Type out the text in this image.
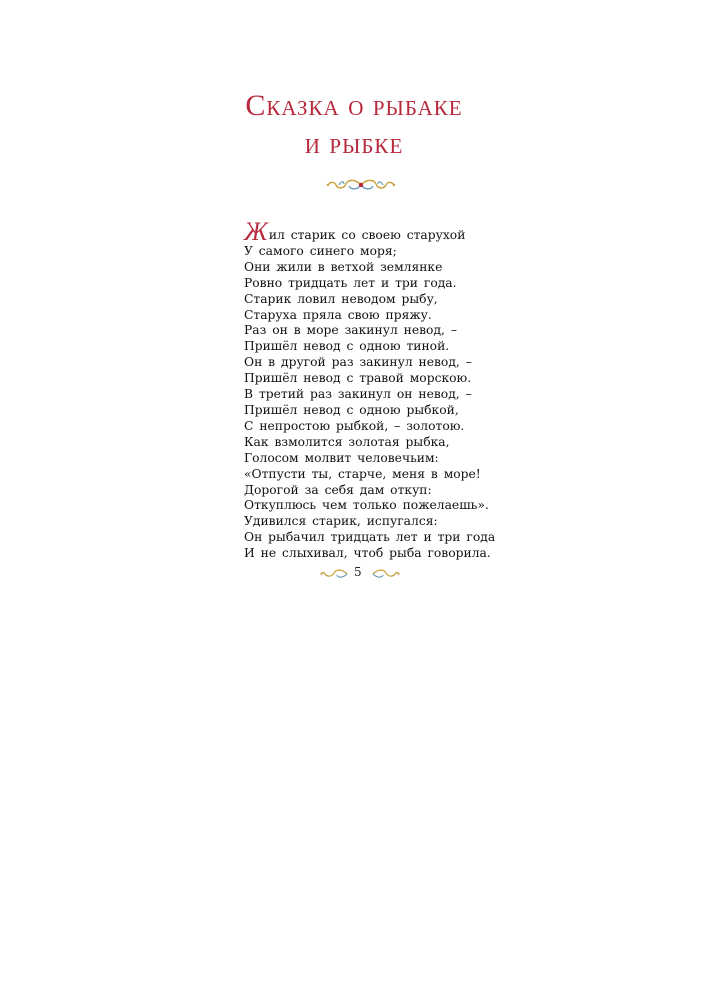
Сказка о рыбаке
и рыбке
Жил старик со своею старухой
У самого синего моря;
Они жили в ветхой землянке
Ровно тридцать лет и три года.
Старик ловил неводом рыбу,
Старуха пряла свою пряжу.
Раз он в море закинул невод, –
Пришёл невод с одною тиной.
Он в другой раз закинул невод, –
Пришёл невод с травой морскою.
В третий раз закинул он невод, –
Пришёл невод с одною рыбкой,
С непростою рыбкой, – золотою.
Как взмолится золотая рыбка,
Голосом молвит человечьим:
«Отпусти ты, старче, меня в море!
Дорогой за себя дам откуп:
Откуплюсь чем только пожелаешь».
Удивился старик, испугался:
Он рыбачил тридцать лет и три года
И не слыхивал, чтоб рыба говорила.
5
